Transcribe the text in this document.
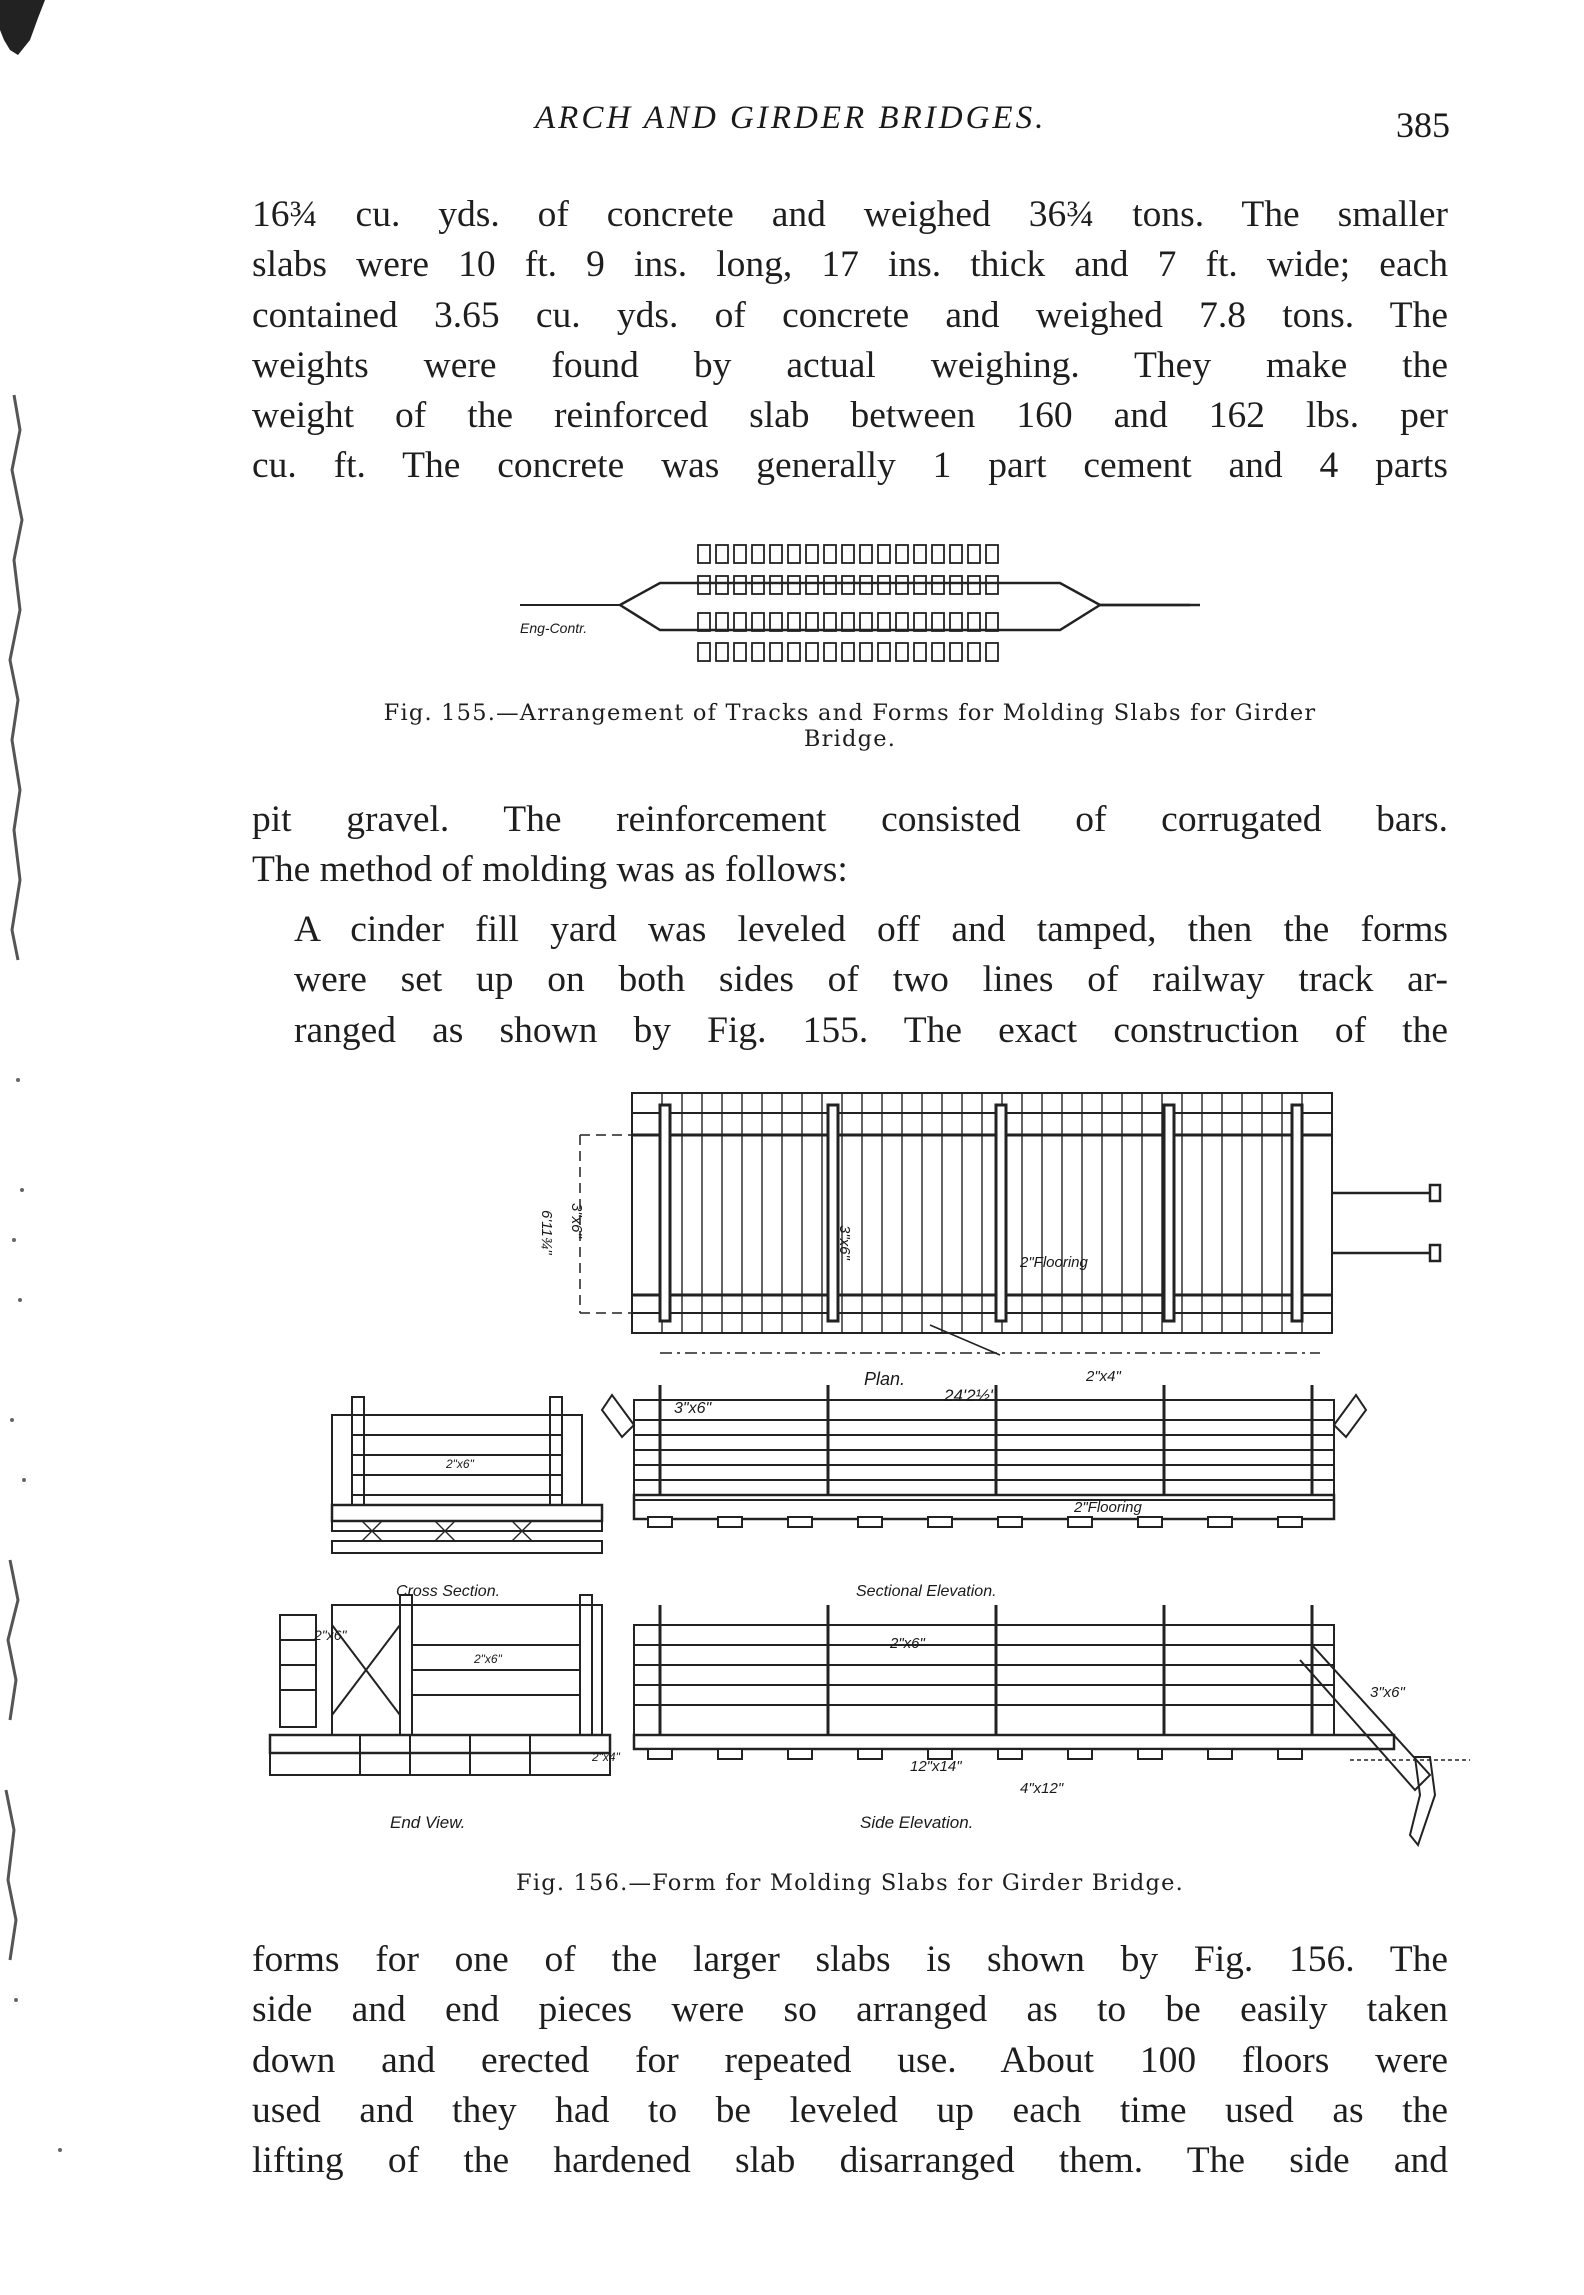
ARCH AND GIRDER BRIDGES.	385

16¾ cu. yds. of concrete and weighed 36¾ tons. The smaller
slabs were 10 ft. 9 ins. long, 17 ins. thick and 7 ft. wide; each
contained 3.65 cu. yds. of concrete and weighed 7.8 tons. The
weights were found by actual weighing. They make the
weight of the reinforced slab between 160 and 162 lbs. per
cu. ft. The concrete was generally 1 part cement and 4 parts

Eng-Contr.
Fig. 155.—Arrangement of Tracks and Forms for Molding Slabs for Girder
Bridge.

pit gravel. The reinforcement consisted of corrugated bars.
The method of molding was as follows:

A cinder fill yard was leveled off and tamped, then the forms
were set up on both sides of two lines of railway track ar-
ranged as shown by Fig. 155. The exact construction of the

6'11¾" 3"x6"
3"x6"
2"Flooring
Plan.
24'2½"
2"x4"
3"x6"
2"x6"
2"Flooring
Cross Section.	Sectional Elevation.
2"x6"
2"x6"
2"x4"
2"x6"
3"x6"
12"x14"
4"x12"
End View.	Side Elevation.
Fig. 156.—Form for Molding Slabs for Girder Bridge.

forms for one of the larger slabs is shown by Fig. 156. The
side and end pieces were so arranged as to be easily taken
down and erected for repeated use. About 100 floors were
used and they had to be leveled up each time used as the
lifting of the hardened slab disarranged them. The side and
